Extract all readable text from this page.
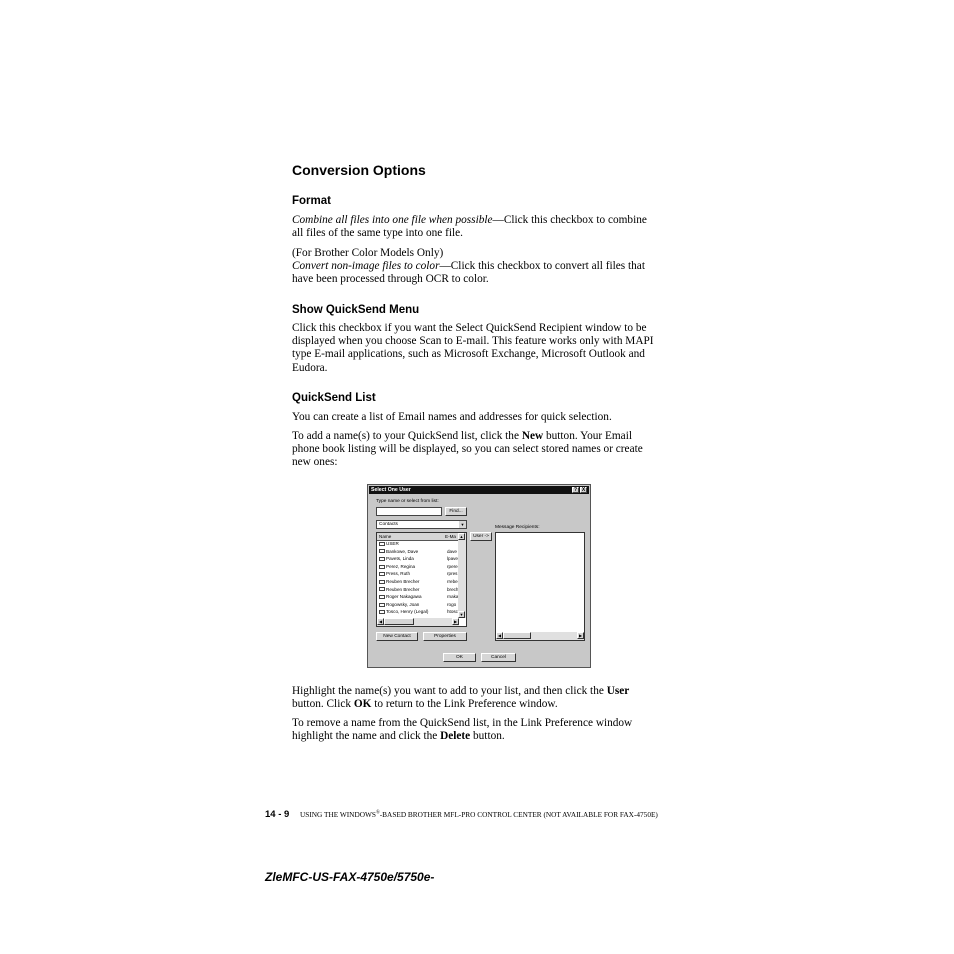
Conversion Options
Format
Combine all files into one file when possible—Click this checkbox to combine
all files of the same type into one file.
(For Brother Color Models Only)
Convert non-image files to color—Click this checkbox to convert all files that
have been processed through OCR to color.
Show QuickSend Menu
Click this checkbox if you want the Select QuickSend Recipient window to be
displayed when you choose Scan to E-mail. This feature works only with MAPI
type E-mail applications, such as Microsoft Exchange, Microsoft Outlook and
Eudora.
QuickSend List
You can create a list of Email names and addresses for quick selection.
To add a name(s) to your QuickSend list, click the New button. Your Email
phone book listing will be displayed, so you can select stored names or create
new ones:
Select One User	? X
Type name or select from list:
Find...
Contacts	▼
Name	E-Ma
USER
Bankowe, Dave	dave
Pavets, Linda	lpave
Perez, Regina	rpere
Press, Ruth	rpres
Reuben Brecher	rrebe
Reuben Brecher	brech
Roger Nakagawa	rnaka
Rogowsky, Joan	rogo
Tosco, Henry (Legal)	htosc
▲
▼
◀	▶
User ->
Message Recipients:
◀	▶
New Contact	Properties
OK	Cancel
Highlight the name(s) you want to add to your list, and then click the User
button. Click OK to return to the Link Preference window.
To remove a name from the QuickSend list, in the Link Preference window
highlight the name and click the Delete button.
14 - 9 USING THE WINDOWS®-BASED BROTHER MFL-PRO CONTROL CENTER (NOT AVAILABLE FOR FAX-4750E)
ZleMFC-US-FAX-4750e/5750e-
